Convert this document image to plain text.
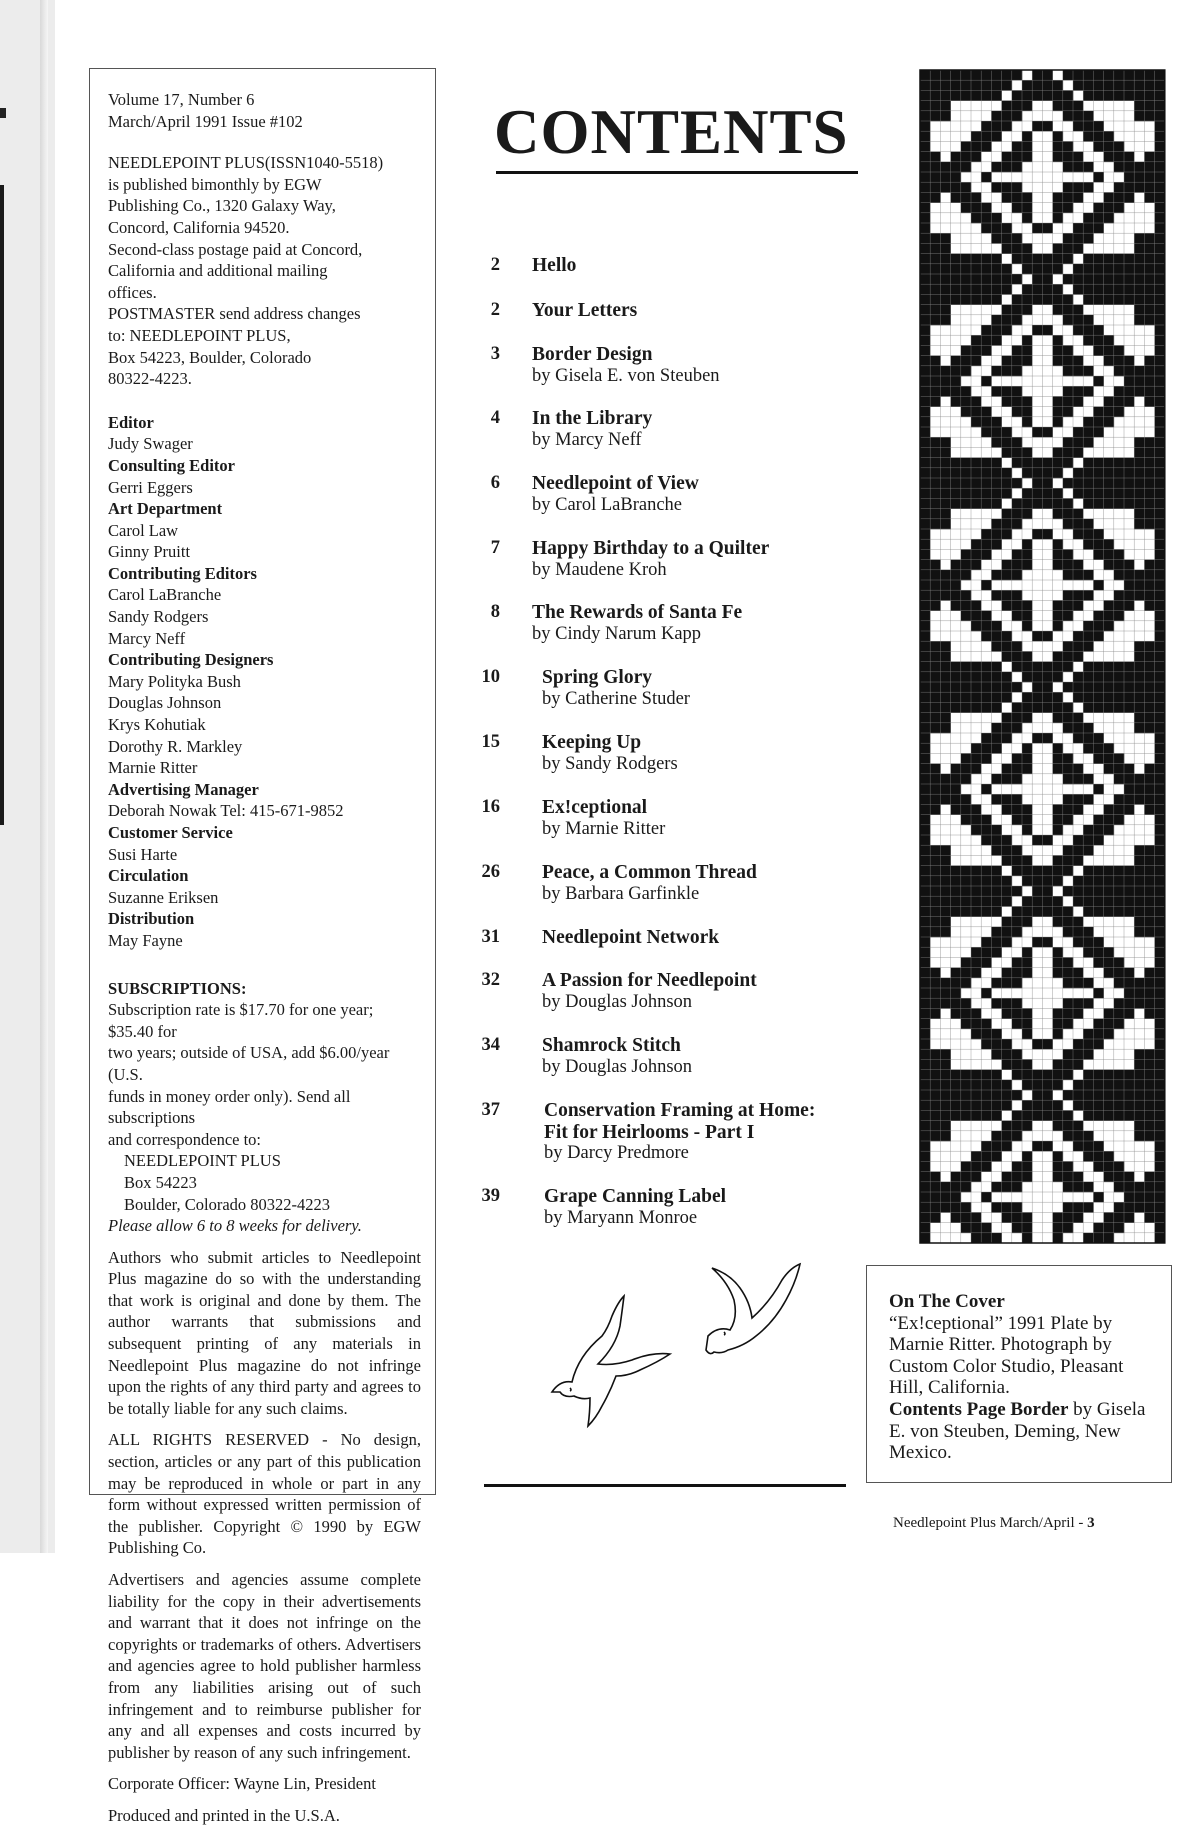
Volume 17, Number 6

March/April 1991 Issue #102

NEEDLEPOINT PLUS(ISSN1040-5518)

is published bimonthly by EGW

Publishing Co., 1320 Galaxy Way,

Concord, California 94520.

Second-class postage paid at Concord,

California and additional mailing

offices.

POSTMASTER send address changes

to: NEEDLEPOINT PLUS,

Box 54223, Boulder, Colorado

80322-4223.

Editor

Judy Swager

Consulting Editor

Gerri Eggers

Art Department

Carol Law

Ginny Pruitt

Contributing Editors

Carol LaBranche

Sandy Rodgers

Marcy Neff

Contributing Designers

Mary Polityka Bush

Douglas Johnson

Krys Kohutiak

Dorothy R. Markley

Marnie Ritter

Advertising Manager

Deborah Nowak Tel: 415-671-9852

Customer Service

Susi Harte

Circulation

Suzanne Eriksen

Distribution

May Fayne

SUBSCRIPTIONS:

Subscription rate is $17.70 for one year; $35.40 for

two years; outside of USA, add $6.00/year (U.S.

funds in money order only). Send all subscriptions

and correspondence to:

NEEDLEPOINT PLUS

Box 54223

Boulder, Colorado 80322-4223

Please allow 6 to 8 weeks for delivery.

Authors who submit articles to Needlepoint Plus magazine do so with the understanding that work is original and done by them. The author warrants that submissions and subsequent printing of any materials in Needlepoint Plus magazine do not infringe upon the rights of any third party and agrees to be totally liable for any such claims.

ALL RIGHTS RESERVED - No design, section, articles or any part of this publication may be reproduced in whole or part in any form without expressed written permission of the publisher. Copyright © 1990 by EGW Publishing Co.

Advertisers and agencies assume complete liability for the copy in their advertisements and warrant that it does not infringe on the copyrights or trademarks of others. Advertisers and agencies agree to hold publisher harmless from any liabilities arising out of such infringement and to reimburse publisher for any and all expenses and costs incurred by publisher by reason of any such infringement.

Corporate Officer: Wayne Lin, President

Produced and printed in the U.S.A.

CONTENTS
2 Hello
2 Your Letters
3 Border Design
by Gisela E. von Steuben
4 In the Library
by Marcy Neff
6 Needlepoint of View
by Carol LaBranche
7 Happy Birthday to a Quilter
by Maudene Kroh
8 The Rewards of Santa Fe
by Cindy Narum Kapp
10 Spring Glory
by Catherine Studer
15 Keeping Up
by Sandy Rodgers
16 Ex!ceptional
by Marnie Ritter
26 Peace, a Common Thread
by Barbara Garfinkle
31 Needlepoint Network
32 A Passion for Needlepoint
by Douglas Johnson
34 Shamrock Stitch
by Douglas Johnson
37 Conservation Framing at Home:
Fit for Heirlooms - Part I
by Darcy Predmore
39 Grape Canning Label
by Maryann Monroe

On The Cover

“Ex!ceptional” 1991 Plate by Marnie Ritter. Photograph by Custom Color Studio, Pleasant Hill, California.

Contents Page Border by Gisela E. von Steuben, Deming, New Mexico.

Needlepoint Plus March/April - 3
